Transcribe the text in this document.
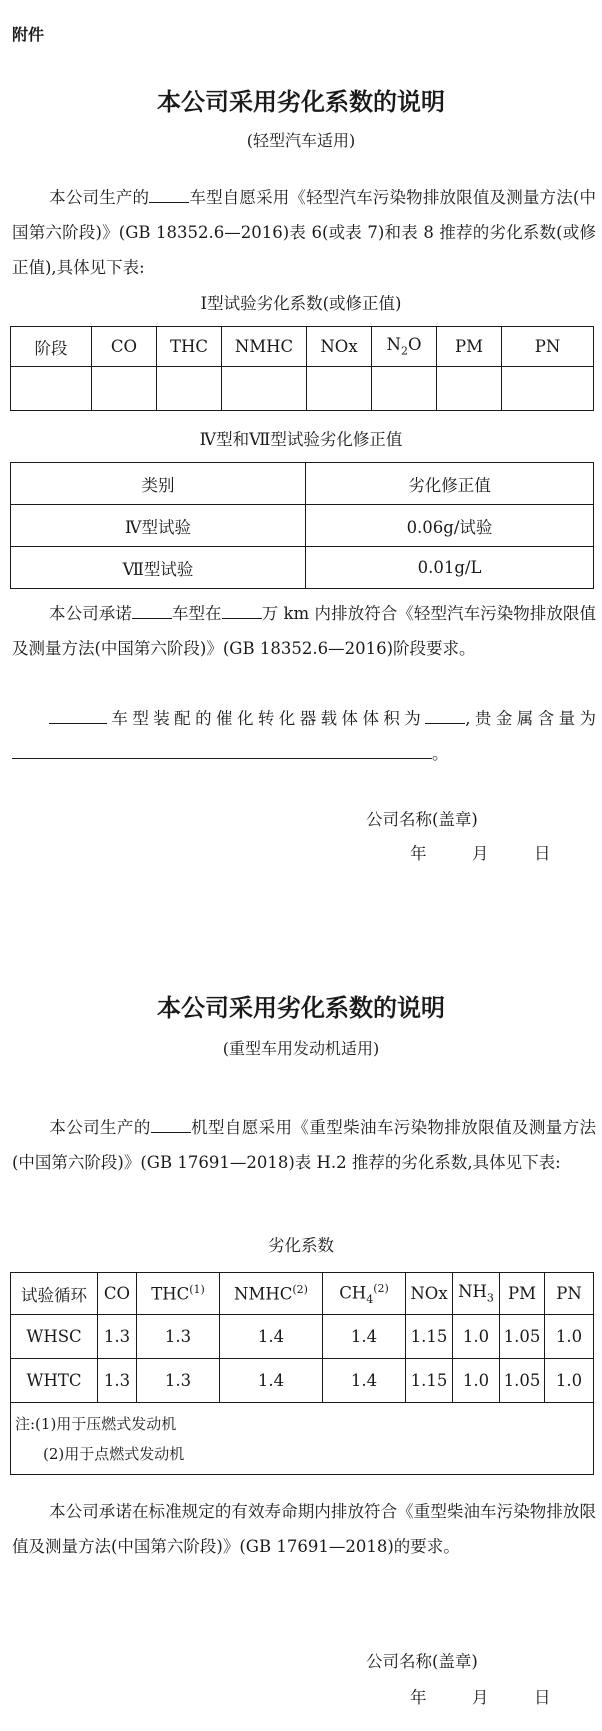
附件
本公司采用劣化系数的说明
(轻型汽车适用)
本公司生产的 车型自愿采用《轻型汽车污染物排放限值及测量方法(中国第六阶段)》(GB 18352.6—2016)表 6(或表 7)和表 8 推荐的劣化系数(或修正值),具体见下表:
Ⅰ型试验劣化系数(或修正值)
阶段	CO	THC	NMHC	NOx	$N_2O$	PM	PN

Ⅳ型和Ⅶ型试验劣化修正值
类别	劣化修正值
Ⅳ型试验	0.06g/试验
Ⅶ型试验	0.01g/L
本公司承诺 车型在 万 km 内排放符合《轻型汽车污染物排放限值及测量方法(中国第六阶段)》(GB 18352.6—2016)阶段要求。
车型装配的催化转化器载体体积为 ,贵金属含量为。
公司名称(盖章)
年	月	日
本公司采用劣化系数的说明
(重型车用发动机适用)
本公司生产的 机型自愿采用《重型柴油车污染物排放限值及测量方法(中国第六阶段)》(GB 17691—2018)表 H.2 推荐的劣化系数,具体见下表:
劣化系数
试验循环	CO	THC$^{(1)}$	NMHC$^{(2)}$	$CH_4^{(2)}$	NOx	$NH_3$	PM	PN
WHSC	1.3	1.3	1.4	1.4	1.15	1.0	1.05	1.0
WHTC	1.3	1.3	1.4	1.4	1.15	1.0	1.05	1.0

注:(1)用于压燃式发动机
(2)用于点燃式发动机								
本公司承诺在标准规定的有效寿命期内排放符合《重型柴油车污染物排放限值及测量方法(中国第六阶段)》(GB 17691—2018)的要求。
公司名称(盖章)
年	月	日
